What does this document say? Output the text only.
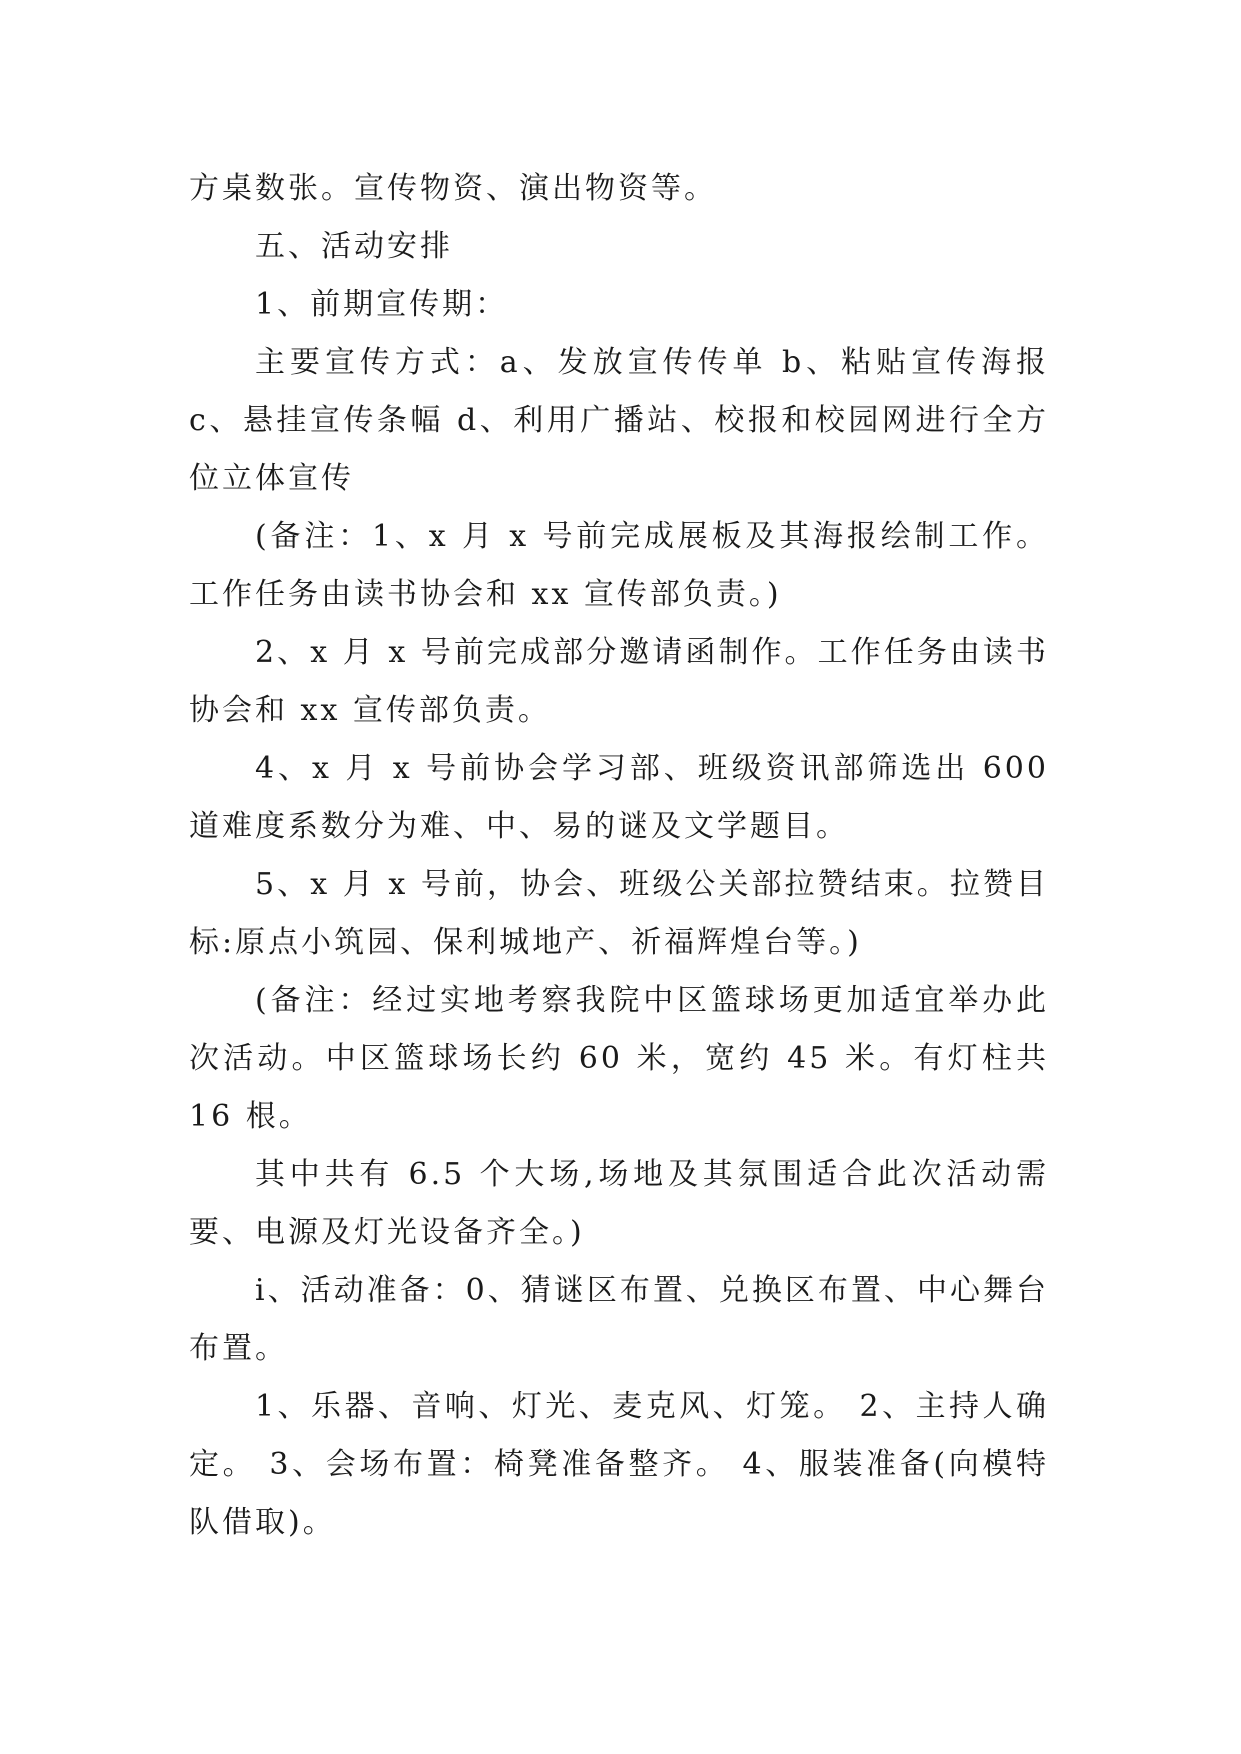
方桌数张。宣传物资、演出物资等。

五、活动安排

1、前期宣传期：

主要宣传方式：a、发放宣传传单 b、粘贴宣传海报 c、悬挂宣传条幅 d、利用广播站、校报和校园网进行全方位立体宣传

(备注：1、x 月 x 号前完成展板及其海报绘制工作。工作任务由读书协会和 xx 宣传部负责。)

2、x 月 x 号前完成部分邀请函制作。工作任务由读书协会和 xx 宣传部负责。

4、x 月 x 号前协会学习部、班级资讯部筛选出 600 道难度系数分为难、中、易的谜及文学题目。

5、x 月 x 号前，协会、班级公关部拉赞结束。拉赞目标:原点小筑园、保利城地产、祈福辉煌台等。)

(备注：经过实地考察我院中区篮球场更加适宜举办此次活动。中区篮球场长约 60 米，宽约 45 米。有灯柱共 16 根。

其中共有 6.5 个大场,场地及其氛围适合此次活动需要、电源及灯光设备齐全。)

i、活动准备：0、猜谜区布置、兑换区布置、中心舞台布置。

1、乐器、音响、灯光、麦克风、灯笼。 2、主持人确定。 3、会场布置：椅凳准备整齐。 4、服装准备(向模特队借取)。
